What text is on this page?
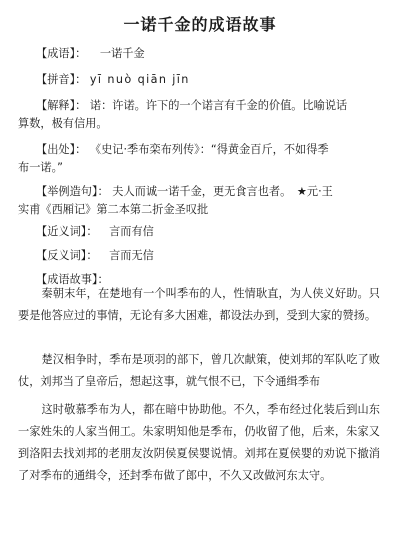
一诺千金的成语故事
【成语】： 一诺千金
【拼音】： yī nuò qiān jīn
【解释】： 诺：许诺。许下的一个诺言有千金的价值。比喻说话
算数，极有信用。
【出处】： 《史记·季布栾布列传》：“得黄金百斤，不如得季
布一诺。”
【举例造句】： 夫人而诚一诺千金，更无食言也者。　★元·王
实甫《西厢记》第二本第二折金圣叹批
【近义词】： 言而有信
【反义词】： 言而无信
【成语故事】：

秦朝末年，在楚地有一个叫季布的人，性情耿直，为人侠义好助。只要是他答应过的事情，无论有多大困难，都设法办到，受到大家的赞扬。

楚汉相争时，季布是项羽的部下，曾几次献策，使刘邦的军队吃了败仗，刘邦当了皇帝后，想起这事，就气恨不已，下令通缉季布

这时敬慕季布为人，都在暗中协助他。不久，季布经过化装后到山东一家姓朱的人家当佣工。朱家明知他是季布，仍收留了他，后来，朱家又到洛阳去找刘邦的老朋友汝阴侯夏侯婴说情。刘邦在夏侯婴的劝说下撤消了对季布的通缉令，还封季布做了郎中，不久又改做河东太守。
